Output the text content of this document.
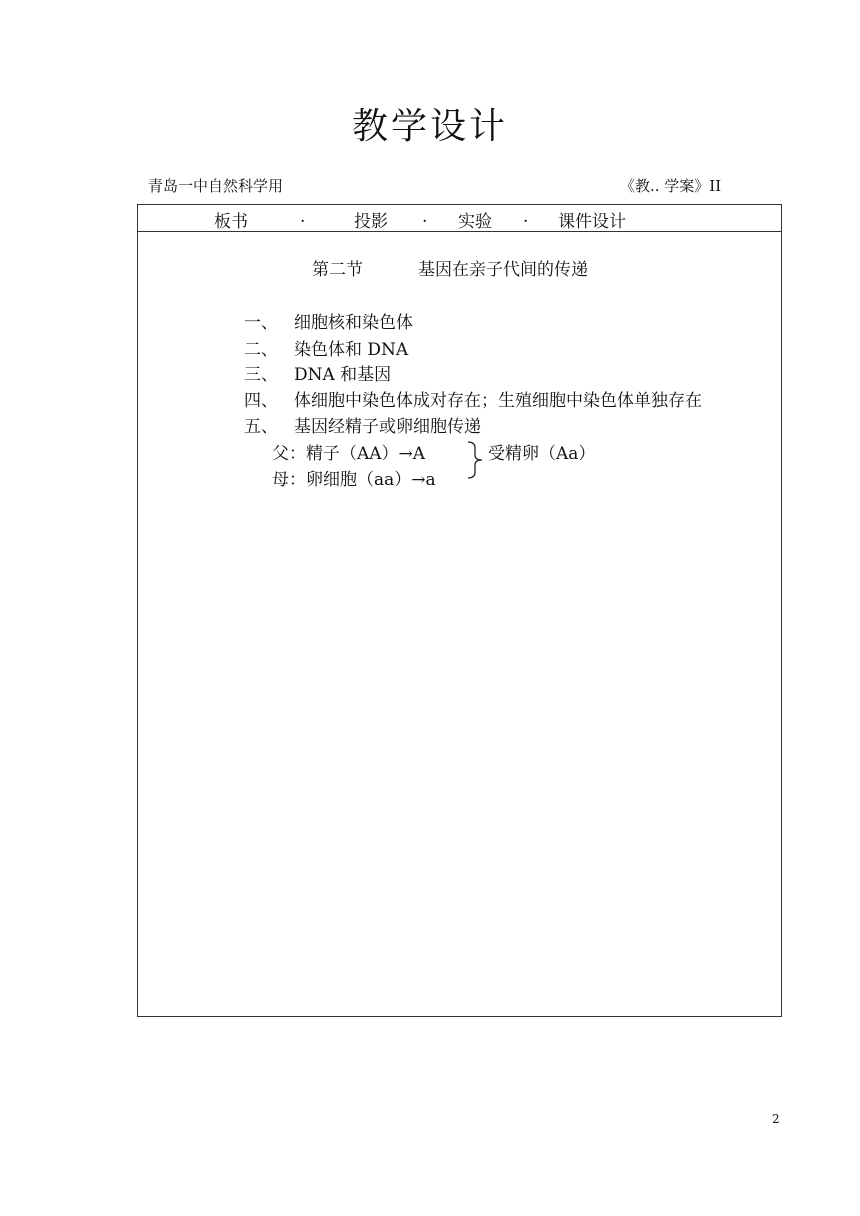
教学设计
青岛一中自然科学用	《教.. 学案》II
板书	.	投影 . 实验 . 课件设计
第二节	基因在亲子代间的传递
一、 细胞核和染色体
二、 染色体和 DNA
三、 DNA 和基因
四、 体细胞中染色体成对存在；生殖细胞中染色体单独存在
五、 基因经精子或卵细胞传递
父：精子（AA）→A
母：卵细胞（aa）→a
受精卵（Aa）
2
